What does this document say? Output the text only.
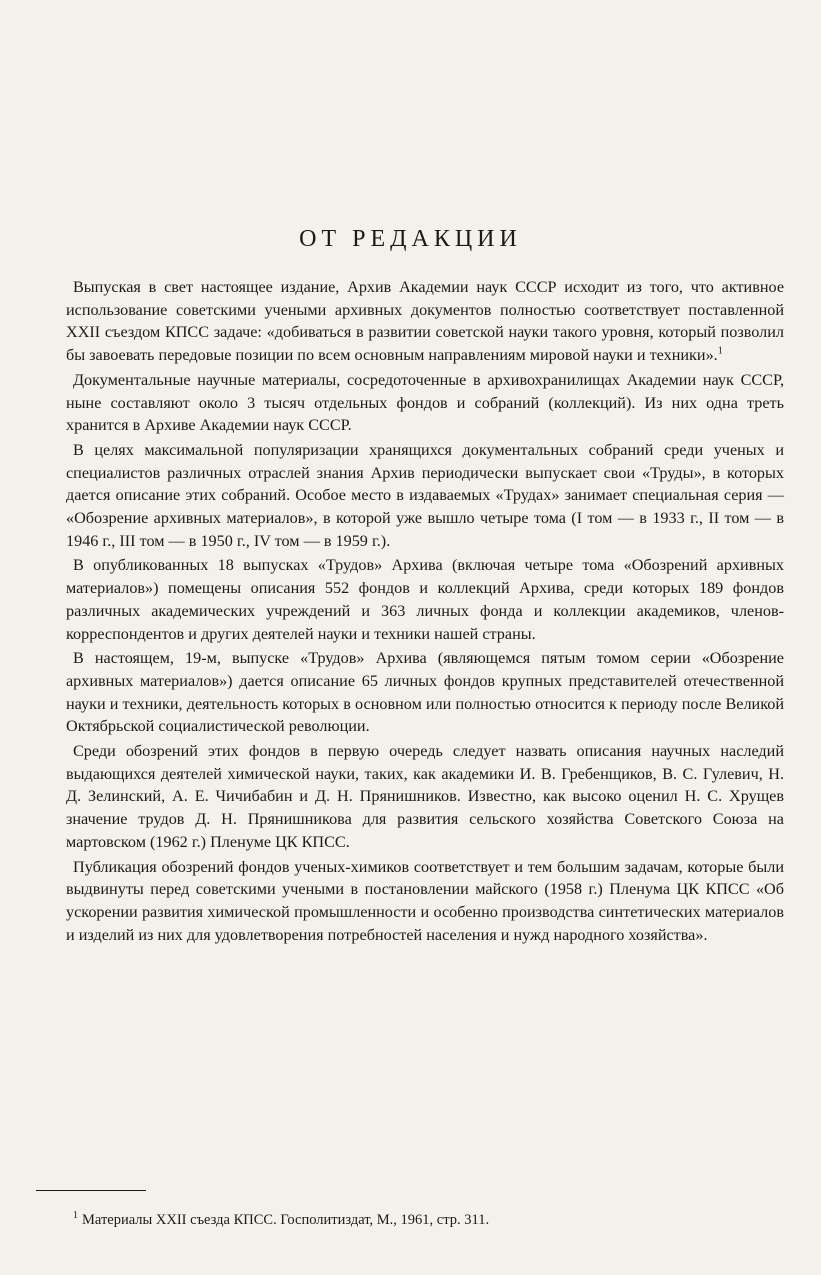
ОТ РЕДАКЦИИ

Выпуская в свет настоящее издание, Архив Академии наук СССР исходит из того, что активное использование советскими учеными архивных документов полностью соответствует поставленной XXII съездом КПСС задаче: «добиваться в развитии советской науки такого уровня, который позволил бы завоевать передовые позиции по всем основным направлениям мировой науки и техники».$^1$

Документальные научные материалы, сосредоточенные в архивохранилищах Академии наук СССР, ныне составляют около 3 тысяч отдельных фондов и собраний (коллекций). Из них одна треть хранится в Архиве Академии наук СССР.

В целях максимальной популяризации хранящихся документальных собраний среди ученых и специалистов различных отраслей знания Архив периодически выпускает свои «Труды», в которых дается описание этих собраний. Особое место в издаваемых «Трудах» занимает специальная серия — «Обозрение архивных материалов», в которой уже вышло четыре тома (I том — в 1933 г., II том — в 1946 г., III том — в 1950 г., IV том — в 1959 г.).

В опубликованных 18 выпусках «Трудов» Архива (включая четыре тома «Обозрений архивных материалов») помещены описания 552 фондов и коллекций Архива, среди которых 189 фондов различных академических учреждений и 363 личных фонда и коллекции академиков, членов-корреспондентов и других деятелей науки и техники нашей страны.

В настоящем, 19-м, выпуске «Трудов» Архива (являющемся пятым томом серии «Обозрение архивных материалов») дается описание 65 личных фондов крупных представителей отечественной науки и техники, деятельность которых в основном или полностью относится к периоду после Великой Октябрьской социалистической революции.

Среди обозрений этих фондов в первую очередь следует назвать описания научных наследий выдающихся деятелей химической науки, таких, как академики И. В. Гребенщиков, В. С. Гулевич, Н. Д. Зелинский, А. Е. Чичибабин и Д. Н. Прянишников. Известно, как высоко оценил Н. С. Хрущев значение трудов Д. Н. Прянишникова для развития сельского хозяйства Советского Союза на мартовском (1962 г.) Пленуме ЦК КПСС.

Публикация обозрений фондов ученых-химиков соответствует и тем большим задачам, которые были выдвинуты перед советскими учеными в постановлении майского (1958 г.) Пленума ЦК КПСС «Об ускорении развития химической промышленности и особенно производства синтетических материалов и изделий из них для удовлетворения потребностей населения и нужд народного хозяйства».

$^1$ Материалы XXII съезда КПСС. Госполитиздат, М., 1961, стр. 311.
